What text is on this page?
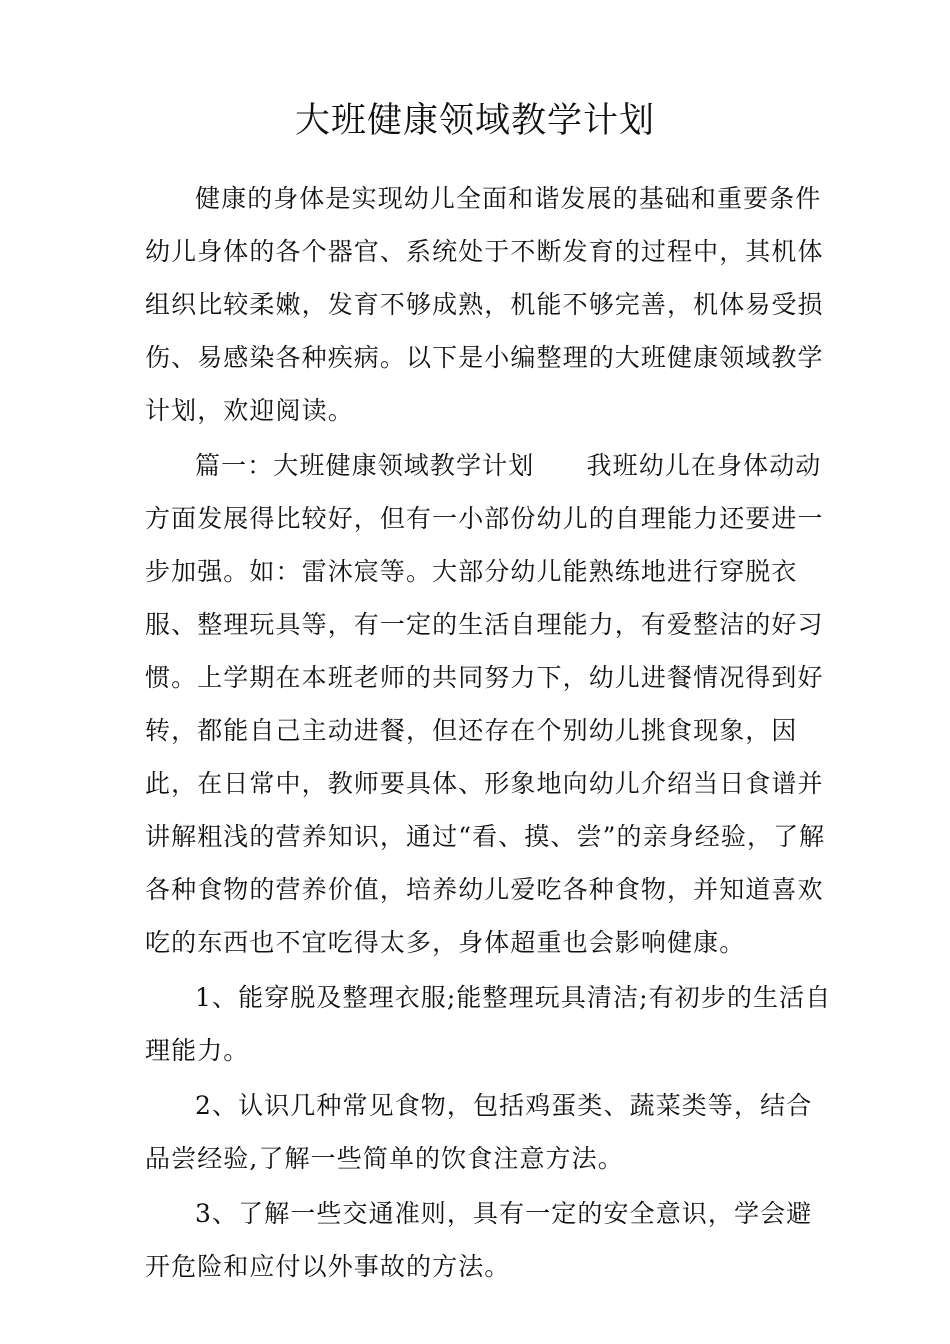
大班健康领域教学计划

健康的身体是实现幼儿全面和谐发展的基础和重要条件幼儿身体的各个器官、系统处于不断发育的过程中，其机体组织比较柔嫩，发育不够成熟，机能不够完善，机体易受损伤、易感染各种疾病。以下是小编整理的大班健康领域教学计划，欢迎阅读。

篇一：大班健康领域教学计划　　我班幼儿在身体动动方面发展得比较好，但有一小部份幼儿的自理能力还要进一步加强。如：雷沐宸等。大部分幼儿能熟练地进行穿脱衣服、整理玩具等，有一定的生活自理能力，有爱整洁的好习惯。上学期在本班老师的共同努力下，幼儿进餐情况得到好转，都能自己主动进餐，但还存在个别幼儿挑食现象，因此，在日常中，教师要具体、形象地向幼儿介绍当日食谱并讲解粗浅的营养知识，通过“看、摸、尝”的亲身经验，了解各种食物的营养价值，培养幼儿爱吃各种食物，并知道喜欢吃的东西也不宜吃得太多，身体超重也会影响健康。

1、能穿脱及整理衣服;能整理玩具清洁;有初步的生活自理能力。

2、认识几种常见食物，包括鸡蛋类、蔬菜类等，结合品尝经验,了解一些简单的饮食注意方法。

3、了解一些交通准则，具有一定的安全意识，学会避开危险和应付以外事故的方法。
